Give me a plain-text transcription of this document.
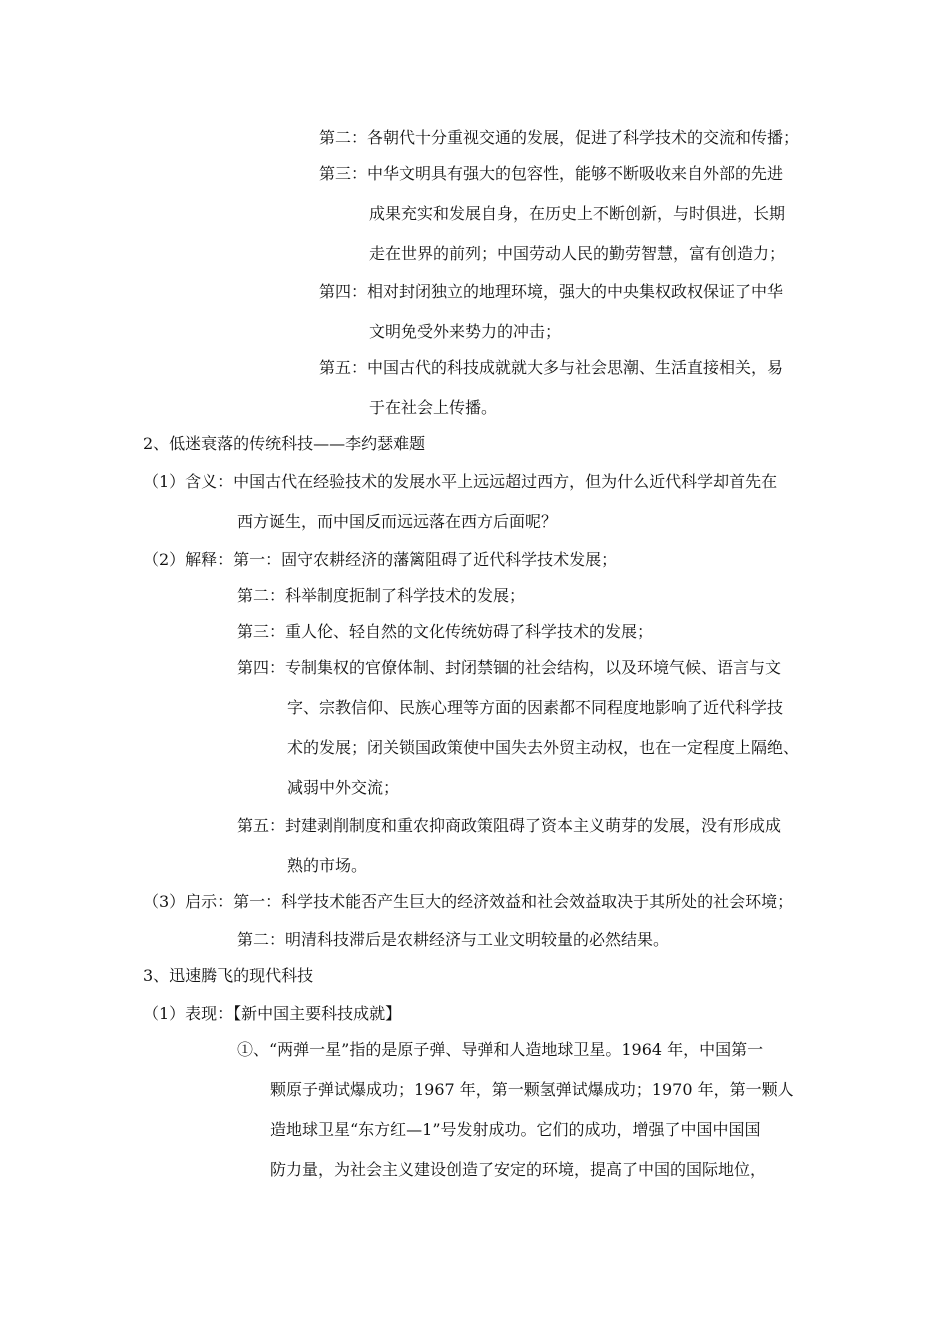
第二：各朝代十分重视交通的发展，促进了科学技术的交流和传播；
第三：中华文明具有强大的包容性，能够不断吸收来自外部的先进
成果充实和发展自身，在历史上不断创新，与时俱进，长期
走在世界的前列；中国劳动人民的勤劳智慧，富有创造力；
第四：相对封闭独立的地理环境，强大的中央集权政权保证了中华
文明免受外来势力的冲击；
第五：中国古代的科技成就就大多与社会思潮、生活直接相关，易
于在社会上传播。
2、低迷衰落的传统科技——李约瑟难题
（1）含义：中国古代在经验技术的发展水平上远远超过西方，但为什么近代科学却首先在
西方诞生，而中国反而远远落在西方后面呢？
（2）解释：第一：固守农耕经济的藩篱阻碍了近代科学技术发展；
第二：科举制度扼制了科学技术的发展；
第三：重人伦、轻自然的文化传统妨碍了科学技术的发展；
第四：专制集权的官僚体制、封闭禁锢的社会结构，以及环境气候、语言与文
字、宗教信仰、民族心理等方面的因素都不同程度地影响了近代科学技
术的发展；闭关锁国政策使中国失去外贸主动权，也在一定程度上隔绝、
减弱中外交流；
第五：封建剥削制度和重农抑商政策阻碍了资本主义萌芽的发展，没有形成成
熟的市场。
（3）启示：第一：科学技术能否产生巨大的经济效益和社会效益取决于其所处的社会环境；
第二：明清科技滞后是农耕经济与工业文明较量的必然结果。
3、迅速腾飞的现代科技
（1）表现：【新中国主要科技成就】
①、“两弹一星”指的是原子弹、导弹和人造地球卫星。1964 年，中国第一
颗原子弹试爆成功；1967 年，第一颗氢弹试爆成功；1970 年，第一颗人
造地球卫星“东方红—1”号发射成功。它们的成功，增强了中国中国国
防力量，为社会主义建设创造了安定的环境，提高了中国的国际地位，
